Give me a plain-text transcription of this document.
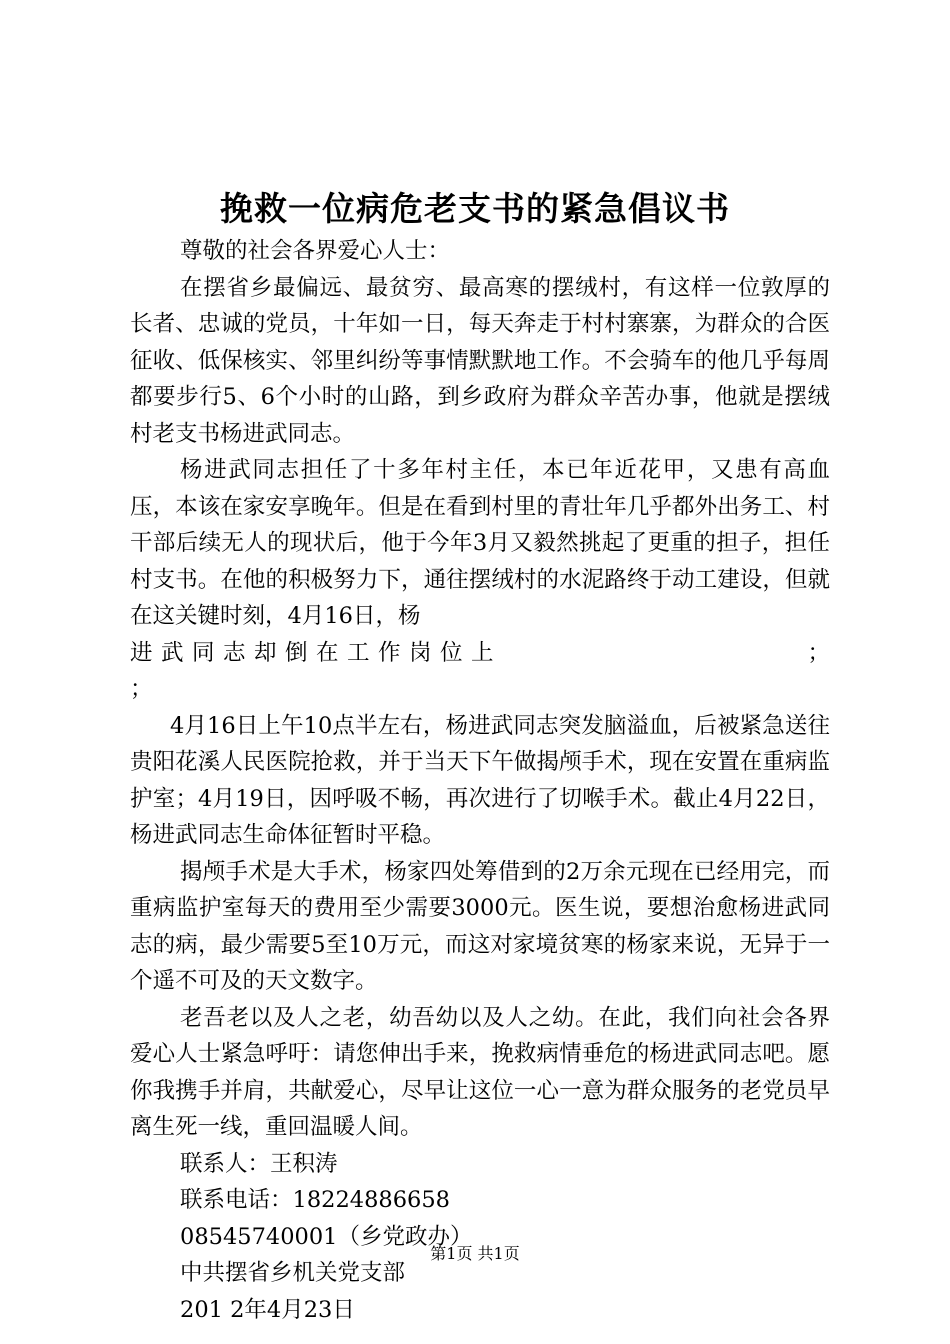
挽救一位病危老支书的紧急倡议书

尊敬的社会各界爱心人士：

在摆省乡最偏远、最贫穷、最高寒的摆绒村，有这样一位敦厚的长者、忠诚的党员，十年如一日，每天奔走于村村寨寨，为群众的合医征收、低保核实、邻里纠纷等事情默默地工作。不会骑车的他几乎每周都要步行5、6个小时的山路，到乡政府为群众辛苦办事，他就是摆绒村老支书杨进武同志。

杨进武同志担任了十多年村主任，本已年近花甲，又患有高血压，本该在家安享晚年。但是在看到村里的青壮年几乎都外出务工、村干部后续无人的现状后，他于今年3月又毅然挑起了更重的担子，担任村支书。在他的积极努力下，通往摆绒村的水泥路终于动工建设，但就在这关键时刻，4月16日，杨

进武同志却倒在工作岗位上	；

；

4月16日上午10点半左右，杨进武同志突发脑溢血，后被紧急送往贵阳花溪人民医院抢救，并于当天下午做揭颅手术，现在安置在重病监护室；4月19日，因呼吸不畅，再次进行了切喉手术。截止4月22日，杨进武同志生命体征暂时平稳。

揭颅手术是大手术，杨家四处筹借到的2万余元现在已经用完，而重病监护室每天的费用至少需要3000元。医生说，要想治愈杨进武同志的病，最少需要5至10万元，而这对家境贫寒的杨家来说，无异于一个遥不可及的天文数字。

老吾老以及人之老，幼吾幼以及人之幼。在此，我们向社会各界爱心人士紧急呼吁：请您伸出手来，挽救病情垂危的杨进武同志吧。愿你我携手并肩，共献爱心，尽早让这位一心一意为群众服务的老党员早离生死一线，重回温暖人间。

联系人：王积涛

联系电话：18224886658

08545740001（乡党政办）

中共摆省乡机关党支部

201 2年4月23日

第1页 共1页
